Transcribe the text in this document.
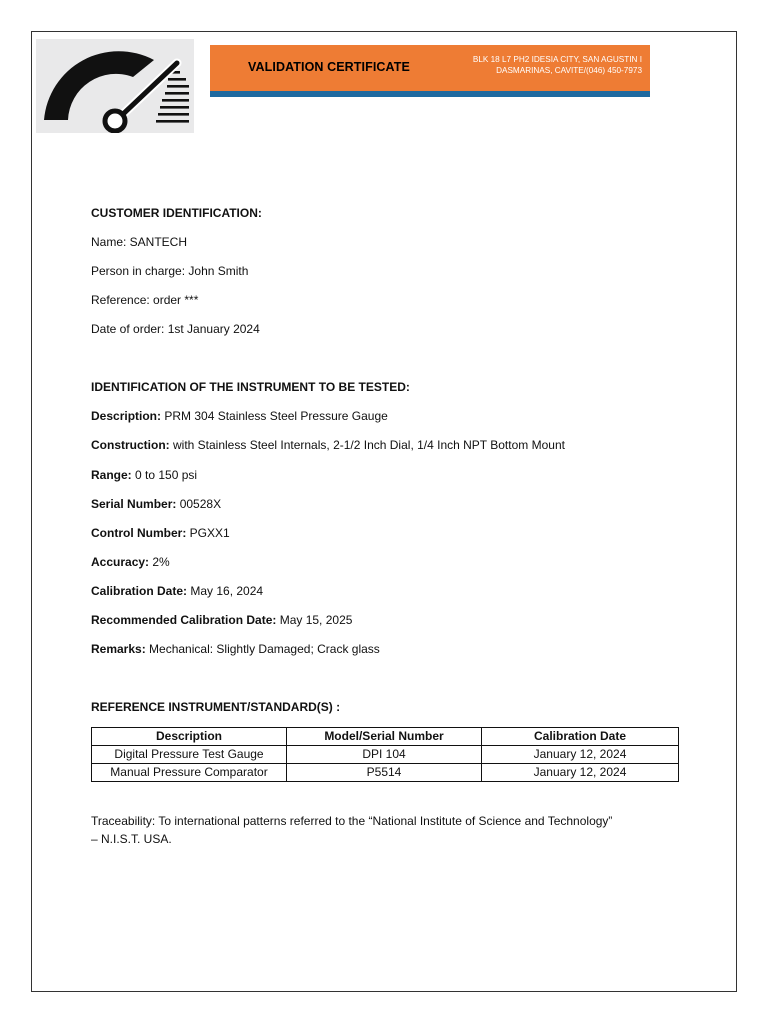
VALIDATION CERTIFICATE
BLK 18 L7 PH2 IDESIA CITY, SAN AGUSTIN I
DASMARINAS, CAVITE/(046) 450-7973
CUSTOMER IDENTIFICATION:
Name: SANTECH
Person in charge: John Smith
Reference: order ***
Date of order: 1st January 2024
IDENTIFICATION OF THE INSTRUMENT TO BE TESTED:
Description: PRM 304 Stainless Steel Pressure Gauge
Construction: with Stainless Steel Internals, 2-1/2 Inch Dial, 1/4 Inch NPT Bottom Mount
Range: 0 to 150 psi
Serial Number: 00528X
Control Number: PGXX1
Accuracy: 2%
Calibration Date: May 16, 2024
Recommended Calibration Date: May 15, 2025
Remarks: Mechanical: Slightly Damaged; Crack glass
REFERENCE INSTRUMENT/STANDARD(S) :
Description	Model/Serial Number	Calibration Date
Digital Pressure Test Gauge	DPI 104	January 12, 2024
Manual Pressure Comparator	P5514	January 12, 2024
Traceability: To international patterns referred to the “National Institute of Science and Technology”
– N.I.S.T. USA.
